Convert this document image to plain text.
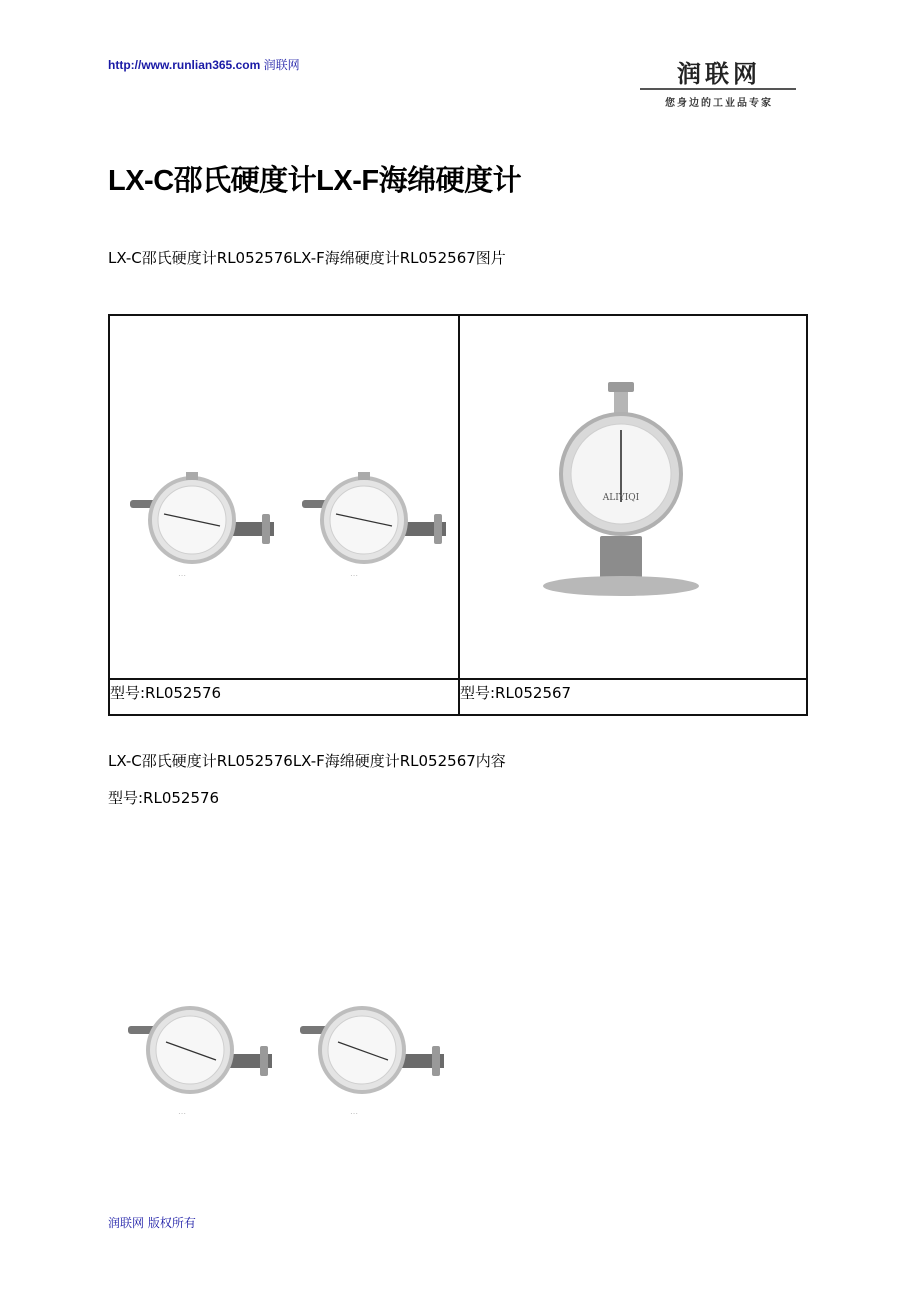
http://www.runlian365.com 润联网	润联网
您身边的工业品专家
LX-C邵氏硬度计LX-F海绵硬度计
LX-C邵氏硬度计RL052576LX-F海绵硬度计RL052567图片
⋯	⋯
ALIYIQI
型号:RL052576	型号:RL052567
LX-C邵氏硬度计RL052576LX-F海绵硬度计RL052567内容
型号:RL052576
⋯	⋯
润联网 版权所有
